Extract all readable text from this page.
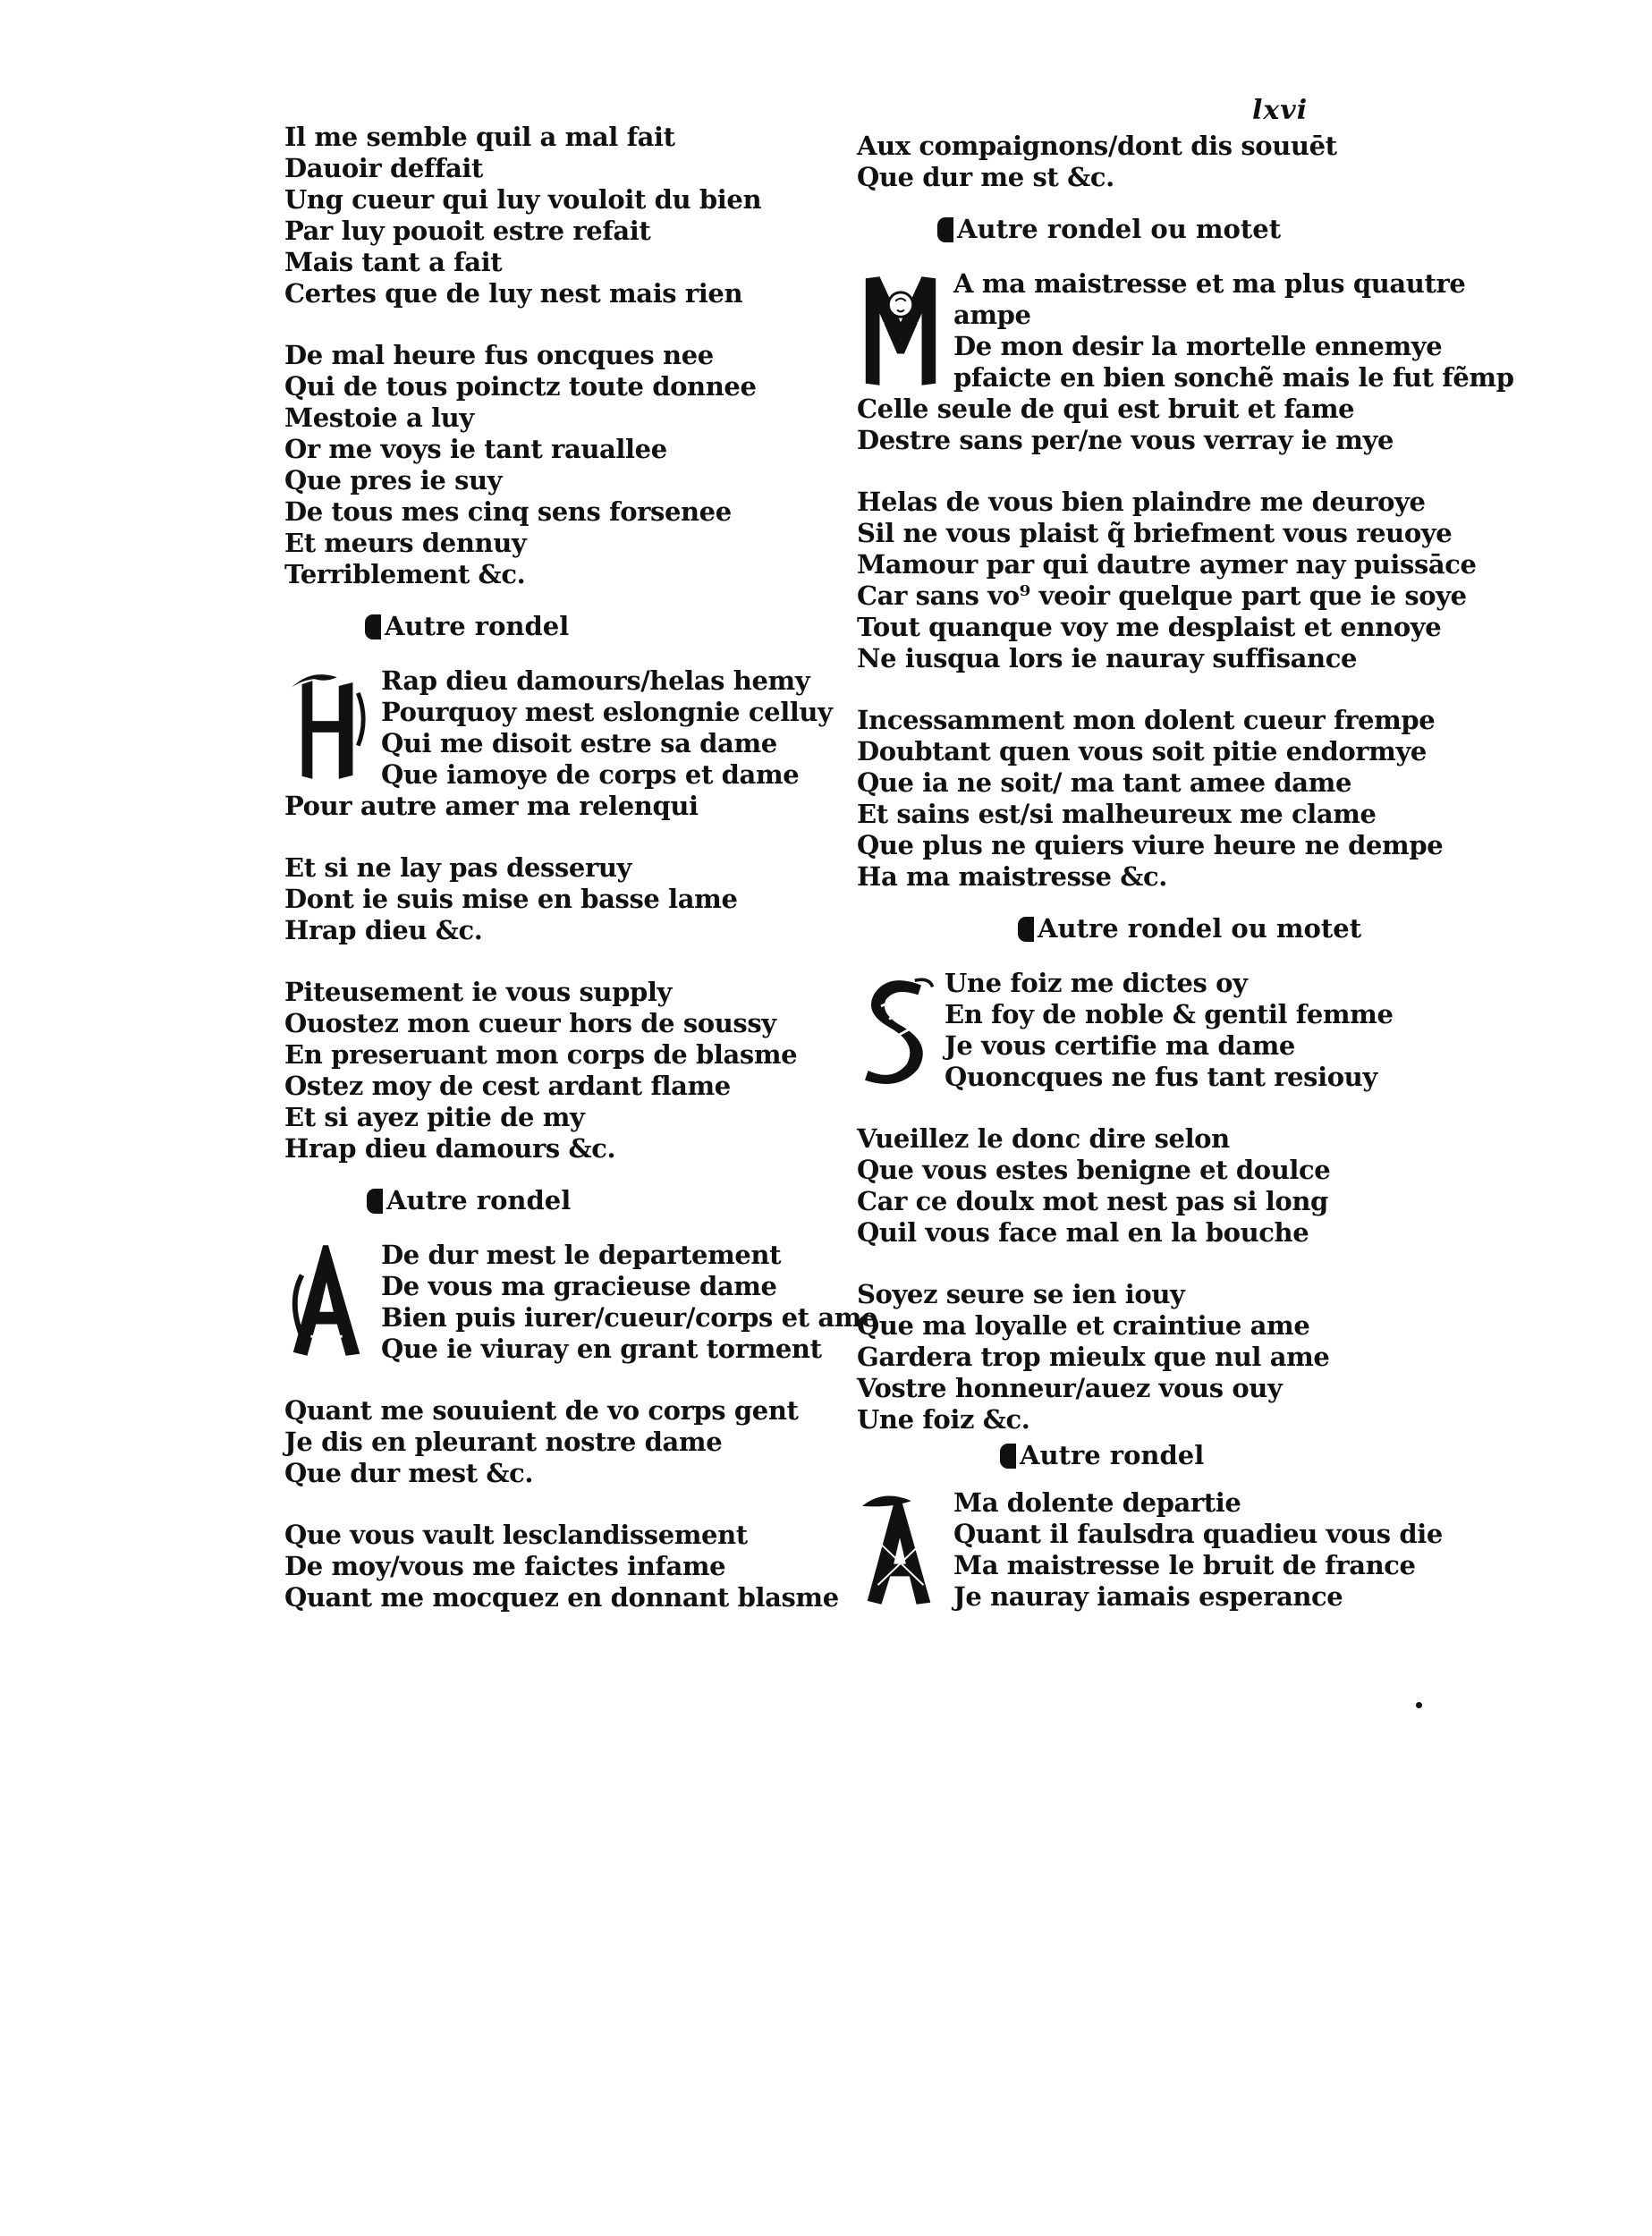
lxvi
Il me semble quil a mal fait
Dauoir deffait
Ung cueur qui luy vouloit du bien
Par luy pouoit estre refait
Mais tant a fait
Certes que de luy nest mais rien
De mal heure fus oncques nee
Qui de tous poinctz toute donnee
Mestoie a luy
Or me voys ie tant rauallee
Que pres ie suy
De tous mes cinq sens forsenee
Et meurs dennuy
Terriblement &c.
Autre rondel
H
Rap dieu damours/helas hemy
Pourquoy mest eslongnie celluy
Qui me disoit estre sa dame
Que iamoye de corps et dame
Pour autre amer ma relenqui
Et si ne lay pas desseruy
Dont ie suis mise en basse lame
Hrap dieu &c.
Piteusement ie vous supply
Ouostez mon cueur hors de soussy
En preseruant mon corps de blasme
Ostez moy de cest ardant flame
Et si ayez pitie de my
Hrap dieu damours &c.
Autre rondel
A
De dur mest le departement
De vous ma gracieuse dame
Bien puis iurer/cueur/corps et ame
Que ie viuray en grant torment
Quant me souuient de vo corps gent
Je dis en pleurant nostre dame
Que dur mest &c.
Que vous vault lesclandissement
De moy/vous me faictes infame
Quant me mocquez en donnant blasme
Aux compaignons/dont dis souuēt
Que dur me st &c.
Autre rondel ou motet
M
A ma maistresse et ma plus quautre
ampe
De mon desir la mortelle ennemye
pfaicte en bien sonchẽ mais le fut fẽmp
Celle seule de qui est bruit et fame
Destre sans per/ne vous verray ie mye
Helas de vous bien plaindre me deuroye
Sil ne vous plaist q̃ briefment vous reuoye
Mamour par qui dautre aymer nay puissāce
Car sans vo⁹ veoir quelque part que ie soye
Tout quanque voy me desplaist et ennoye
Ne iusqua lors ie nauray suffisance
Incessamment mon dolent cueur frempe
Doubtant quen vous soit pitie endormye
Que ia ne soit/ ma tant amee dame
Et sains est/si malheureux me clame
Que plus ne quiers viure heure ne dempe
Ha ma maistresse &c.
Autre rondel ou motet
S
Une foiz me dictes oy
En foy de noble & gentil femme
Je vous certifie ma dame
Quoncques ne fus tant resiouy
Vueillez le donc dire selon
Que vous estes benigne et doulce
Car ce doulx mot nest pas si long
Quil vous face mal en la bouche
Soyez seure se ien iouy
Que ma loyalle et craintiue ame
Gardera trop mieulx que nul ame
Vostre honneur/auez vous ouy
Une foiz &c.
Autre rondel
A
Ma dolente departie
Quant il faulsdra quadieu vous die
Ma maistresse le bruit de france
Je nauray iamais esperance
